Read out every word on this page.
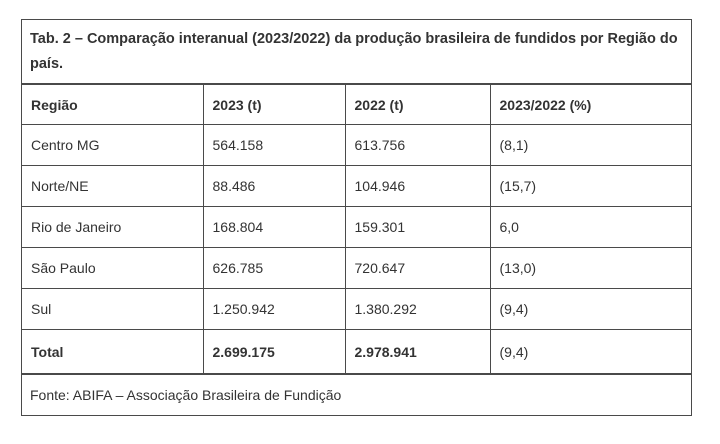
Tab. 2 – Comparação interanual (2023/2022) da produção brasileira de fundidos por Região do país.
Região	2023 (t)	2022 (t)	2023/2022 (%)
Centro MG	564.158	613.756	(8,1)
Norte/NE	88.486	104.946	(15,7)
Rio de Janeiro	168.804	159.301	6,0
São Paulo	626.785	720.647	(13,0)
Sul	1.250.942	1.380.292	(9,4)
Total	2.699.175	2.978.941	(9,4)
Fonte: ABIFA – Associação Brasileira de Fundição
